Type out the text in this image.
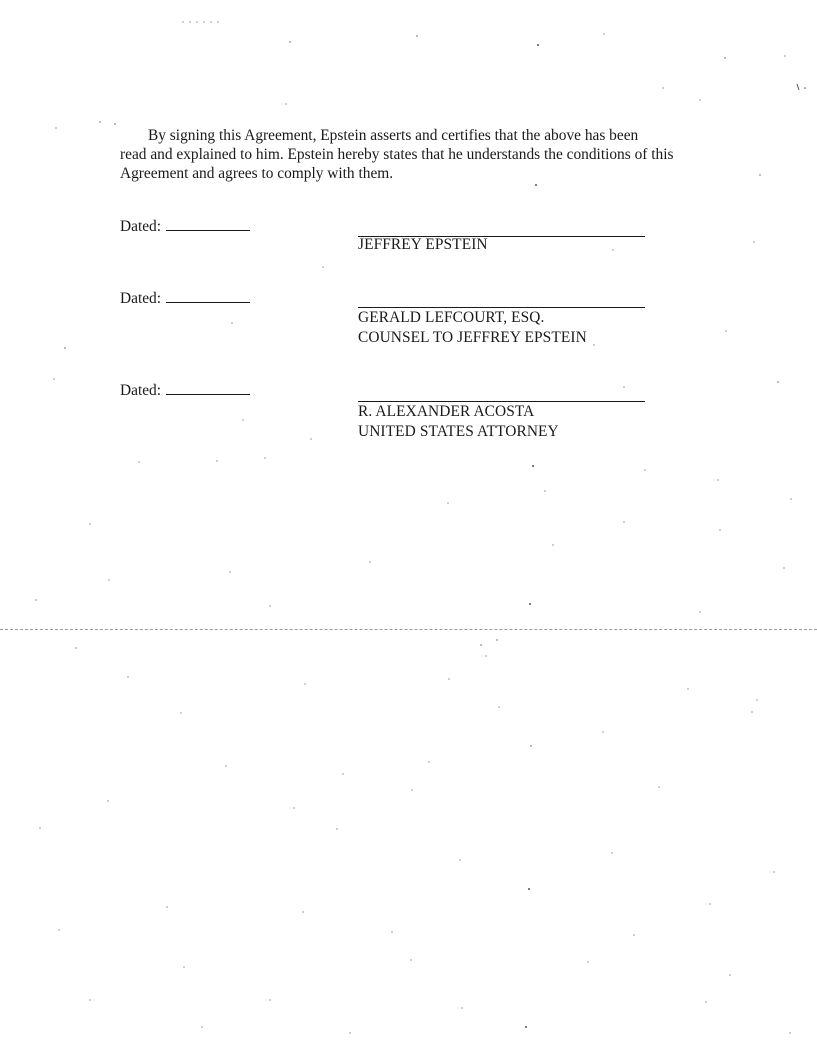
By signing this Agreement, Epstein asserts and certifies that the above has been
read and explained to him. Epstein hereby states that he understands the conditions of this
Agreement and agrees to comply with them.

Dated:
JEFFREY EPSTEIN
Dated:
GERALD LEFCOURT, ESQ.
COUNSEL TO JEFFREY EPSTEIN
Dated:
R. ALEXANDER ACOSTA
UNITED STATES ATTORNEY
